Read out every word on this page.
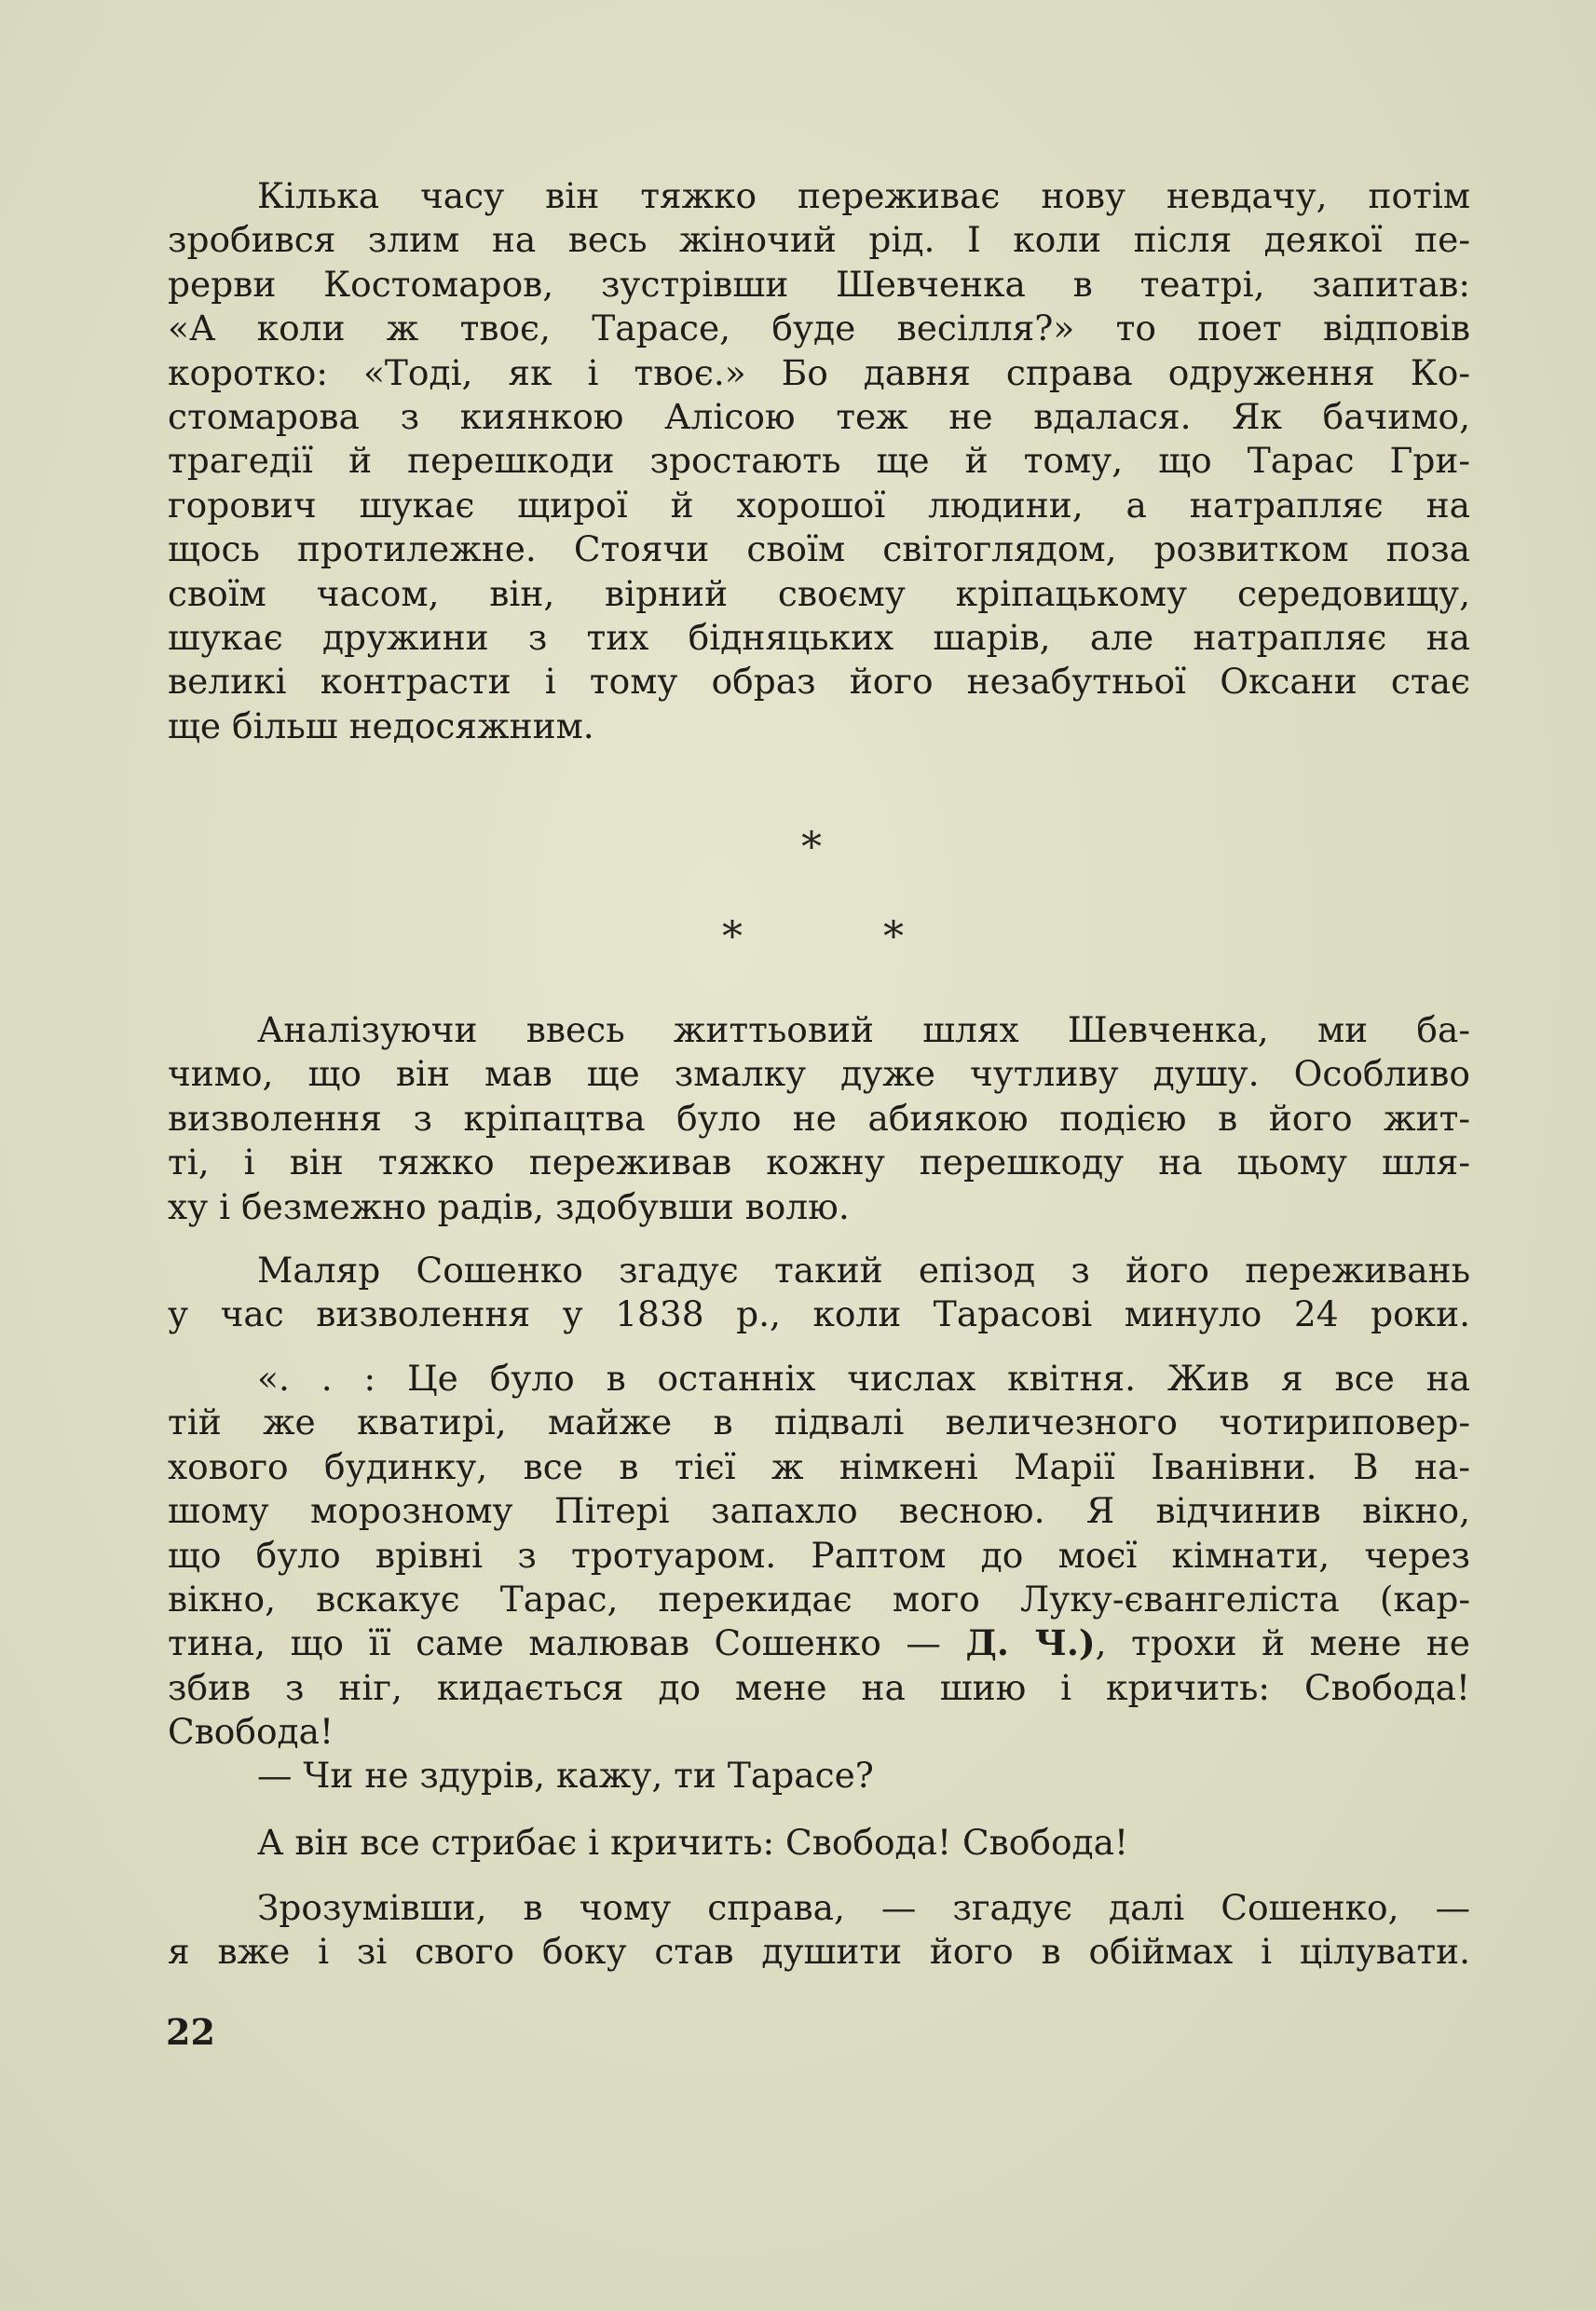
Кілька часу він тяжко переживає нову невдачу, потім
зробився злим на весь жіночий рід. І коли після деякої пе-
рерви Костомаров, зустрівши Шевченка в театрі, запитав:
«А коли ж твоє, Тарасе, буде весілля?» то поет відповів
коротко: «Тоді, як і твоє.» Бо давня справа одруження Ко-
стомарова з киянкою Алісою теж не вдалася. Як бачимо,
трагедії й перешкоди зростають ще й тому, що Тарас Гри-
горович шукає щирої й хорошої людини, а натрапляє на
щось протилежне. Стоячи своїм світоглядом, розвитком поза
своїм часом, він, вірний своєму кріпацькому середовищу,
шукає дружини з тих бідняцьких шарів, але натрапляє на
великі контрасти і тому образ його незабутньої Оксани стає
ще більш недосяжним.
*
*	*
Аналізуючи ввесь життьовий шлях Шевченка, ми ба-
чимо, що він мав ще змалку дуже чутливу душу. Особливо
визволення з кріпацтва було не абиякою подією в його жит-
ті, і він тяжко переживав кожну перешкоду на цьому шля-
ху і безмежно радів, здобувши волю.
Маляр Сошенко згадує такий епізод з його переживань
у час визволення у 1838 р., коли Тарасові минуло 24 роки.
«. . : Це було в останніх числах квітня. Жив я все на
тій же кватирі, майже в підвалі величезного чотириповер-
хового будинку, все в тієї ж німкені Марії Іванівни. В на-
шому морозному Пітері запахло весною. Я відчинив вікно,
що було врівні з тротуаром. Раптом до моєї кімнати, через
вікно, вскакує Тарас, перекидає мого Луку-євангеліста (кар-
тина, що її саме малював Сошенко — Д. Ч.), трохи й мене не
збив з ніг, кидається до мене на шию і кричить: Свобода!
Свобода!
— Чи не здурів, кажу, ти Тарасе?
А він все стрибає і кричить: Свобода! Свобода!
Зрозумівши, в чому справа, — згадує далі Сошенко, —
я вже і зі свого боку став душити його в обіймах і цілувати.
22
